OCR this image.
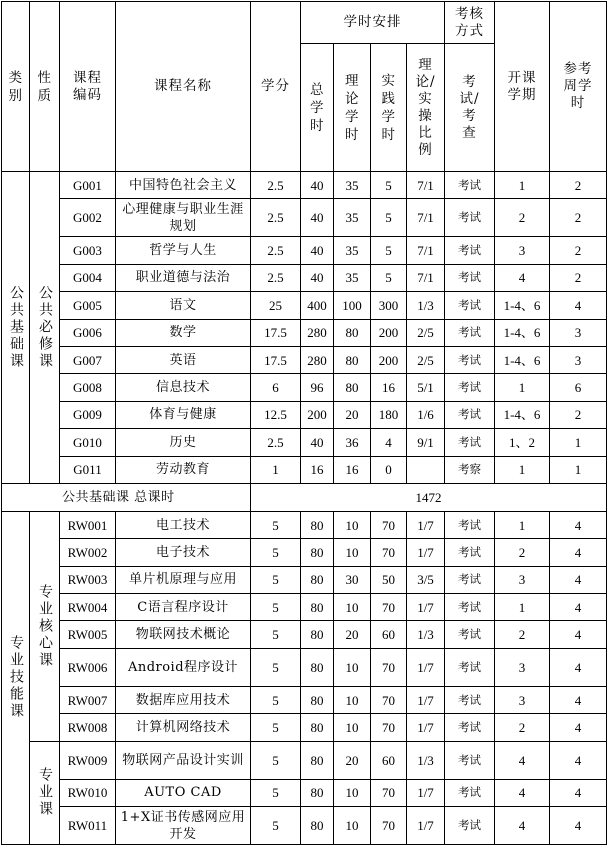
类别	性质	课程编码	课程名称	学分	学时安排				考核方式	开课学期	参考周学时
					总学时	理论学时	实践学时	理论/实操比例	考试/考查		
公共基础课	公共必修课	G001	中国特色社会主义	2.5	40	35	5	7/1	考试	1	2
		G002	心理健康与职业生涯规划	2.5	40	35	5	7/1	考试	2	2
		G003	哲学与人生	2.5	40	35	5	7/1	考试	3	2
		G004	职业道德与法治	2.5	40	35	5	7/1	考试	4	2
		G005	语文	25	400	100	300	1/3	考试	1-4、6	4
		G006	数学	17.5	280	80	200	2/5	考试	1-4、6	3
		G007	英语	17.5	280	80	200	2/5	考试	1-4、6	3
		G008	信息技术	6	96	80	16	5/1	考试	1	6
		G009	体育与健康	12.5	200	20	180	1/6	考试	1-4、6	2
		G010	历史	2.5	40	36	4	9/1	考试	1、2	1
		G011	劳动教育	1	16	16	0		考察	1	1
公共基础课 总课时				1472							
专业技能课	专业核心课	RW001	电工技术	5	80	10	70	1/7	考试	1	4
		RW002	电子技术	5	80	10	70	1/7	考试	2	4
		RW003	单片机原理与应用	5	80	30	50	3/5	考试	3	4
		RW004	C语言程序设计	5	80	10	70	1/7	考试	1	4
		RW005	物联网技术概论	5	80	20	60	1/3	考试	2	4
		RW006	Android程序设计	5	80	10	70	1/7	考试	3	4
		RW007	数据库应用技术	5	80	10	70	1/7	考试	3	4
		RW008	计算机网络技术	5	80	10	70	1/7	考试	2	4
	专业课	RW009	物联网产品设计实训	5	80	20	60	1/3	考试	4	4
		RW010	AUTO CAD	5	80	10	70	1/7	考试	4	4
		RW011	1+X证书传感网应用开发	5	80	10	70	1/7	考试	4	4
